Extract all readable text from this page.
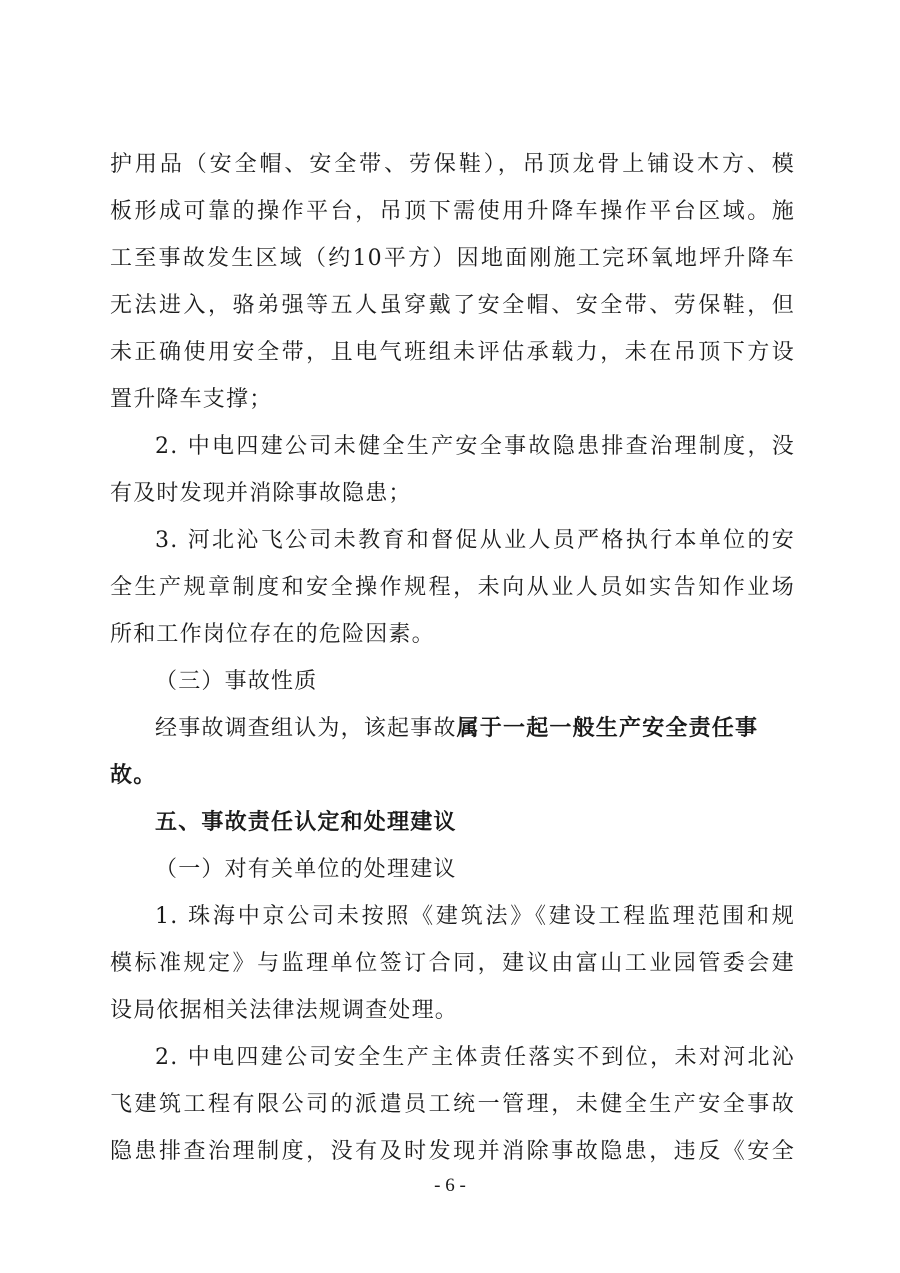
护用品（安全帽、安全带、劳保鞋），吊顶龙骨上铺设木方、模
板形成可靠的操作平台，吊顶下需使用升降车操作平台区域。施
工至事故发生区域（约10平方）因地面刚施工完环氧地坪升降车
无法进入，骆弟强等五人虽穿戴了安全帽、安全带、劳保鞋，但
未正确使用安全带，且电气班组未评估承载力，未在吊顶下方设
置升降车支撑；
2. 中电四建公司未健全生产安全事故隐患排查治理制度，没
有及时发现并消除事故隐患；
3. 河北沁飞公司未教育和督促从业人员严格执行本单位的安
全生产规章制度和安全操作规程，未向从业人员如实告知作业场
所和工作岗位存在的危险因素。
（三）事故性质
经事故调查组认为，该起事故属于一起一般生产安全责任事
故。
五、事故责任认定和处理建议
（一）对有关单位的处理建议
1. 珠海中京公司未按照《建筑法》《建设工程监理范围和规
模标准规定》与监理单位签订合同，建议由富山工业园管委会建
设局依据相关法律法规调查处理。
2. 中电四建公司安全生产主体责任落实不到位，未对河北沁
飞建筑工程有限公司的派遣员工统一管理，未健全生产安全事故
隐患排查治理制度，没有及时发现并消除事故隐患，违反《安全
- 6 -
